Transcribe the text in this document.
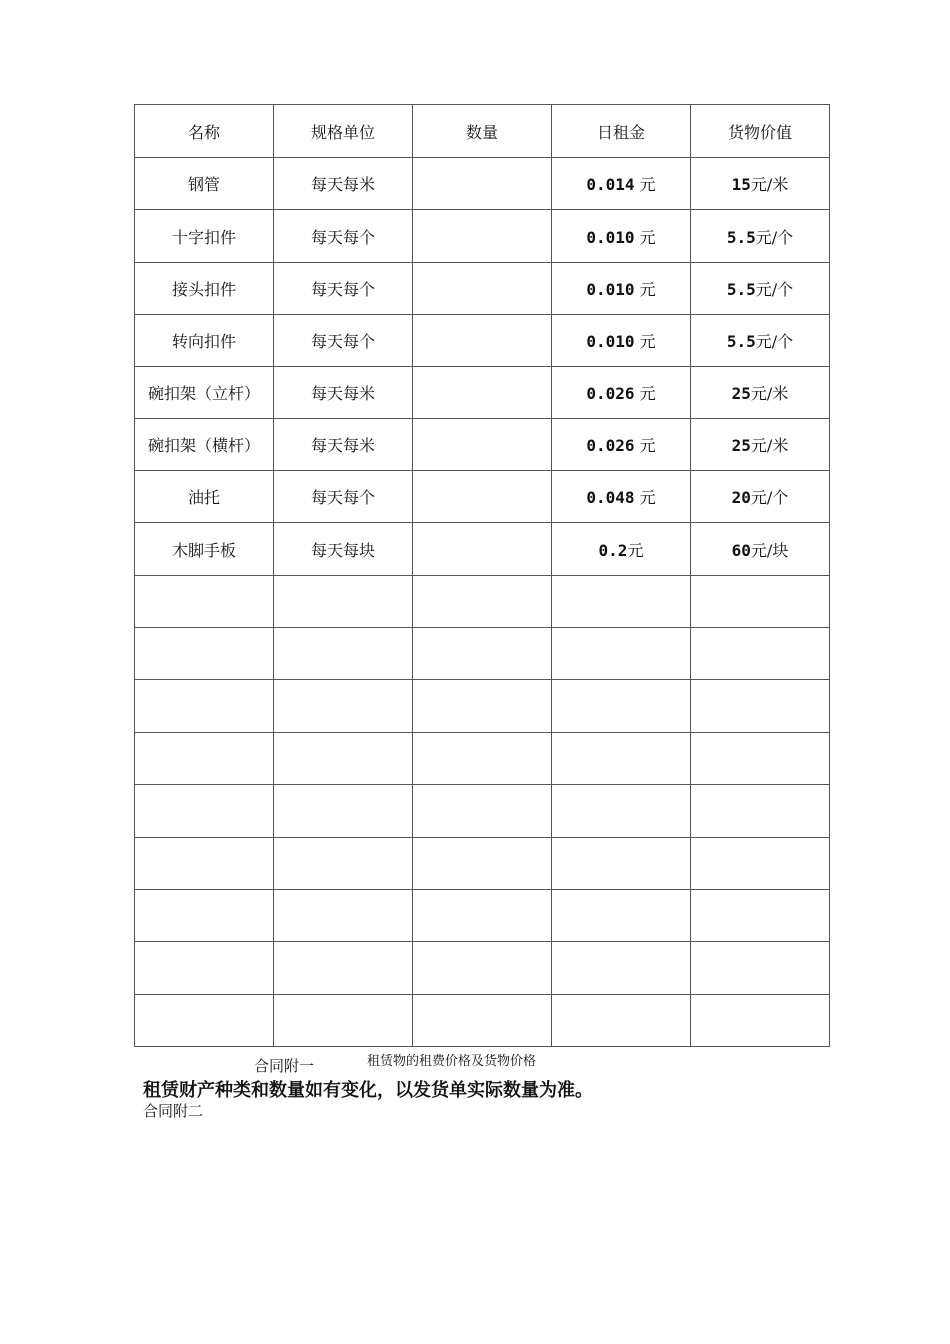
名称	规格单位	数量	日租金	货物价值
钢管	每天每米		0.014 元	15元/米
十字扣件	每天每个		0.010 元	5.5元/个
接头扣件	每天每个		0.010 元	5.5元/个
转向扣件	每天每个		0.010 元	5.5元/个
碗扣架（立杆）	每天每米		0.026 元	25元/米
碗扣架（横杆）	每天每米		0.026 元	25元/米
油托	每天每个		0.048 元	20元/个
木脚手板	每天每块		0.2元	60元/块

合同附一	租赁物的租费价格及货物价格
租赁财产种类和数量如有变化，以发货单实际数量为准。
合同附二
